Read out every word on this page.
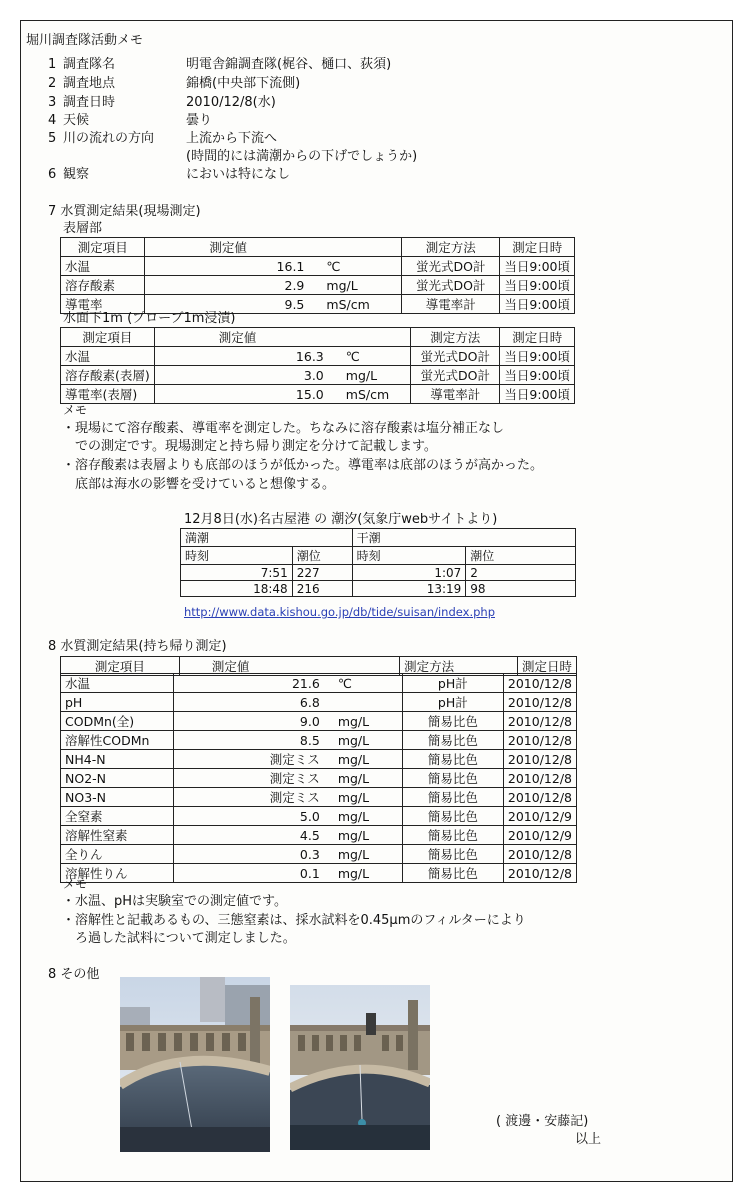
堀川調査隊活動メモ
1 調査隊名	明電舎錦調査隊(梶谷、樋口、荻須)
2 調査地点	錦橋(中央部下流側)
3 調査日時	2010/12/8(水)
4 天候	曇り
5 川の流れの方向 上流から下流へ
(時間的には満潮からの下げでしょうか)
6 観察	においは特になし
7 水質測定結果(現場測定)
表層部
測定項目	測定値	測定方法	測定日時
水温	16.1 ℃	蛍光式DO計	当日9:00頃
溶存酸素	2.9 mg/L	蛍光式DO計	当日9:00頃
導電率	9.5 mS/cm	導電率計	当日9:00頃
水面下1m (プローブ1m浸漬)
測定項目	測定値	測定方法	測定日時
水温	16.3 ℃	蛍光式DO計	当日9:00頃
溶存酸素(表層)	3.0 mg/L	蛍光式DO計	当日9:00頃
導電率(表層)	15.0 mS/cm	導電率計	当日9:00頃
メモ
・現場にて溶存酸素、導電率を測定した。ちなみに溶存酸素は塩分補正なし
　での測定です。現場測定と持ち帰り測定を分けて記載します。
・溶存酸素は表層よりも底部のほうが低かった。導電率は底部のほうが高かった。
　底部は海水の影響を受けていると想像する。
12月8日(水)名古屋港 の 潮汐(気象庁webサイトより)
満潮		干潮	
時刻	潮位	時刻	潮位
7:51	227	1:07	2
18:48	216	13:19	98
http://www.data.kishou.go.jp/db/tide/suisan/index.php
8 水質測定結果(持ち帰り測定)
測定項目	測定値	測定方法	測定日時
水温	21.6 ℃	pH計	2010/12/8
pH	6.8	pH計	2010/12/8
CODMn(全)	9.0 mg/L	簡易比色	2010/12/8
溶解性CODMn	8.5 mg/L	簡易比色	2010/12/8
NH4-N	測定ミス mg/L	簡易比色	2010/12/8
NO2-N	測定ミス mg/L	簡易比色	2010/12/8
NO3-N	測定ミス mg/L	簡易比色	2010/12/8
全窒素	5.0 mg/L	簡易比色	2010/12/9
溶解性窒素	4.5 mg/L	簡易比色	2010/12/9
全りん	0.3 mg/L	簡易比色	2010/12/8
溶解性りん	0.1 mg/L	簡易比色	2010/12/8
メモ
・水温、pHは実験室での測定値です。
・溶解性と記載あるもの、三態窒素は、採水試料を0.45μmのフィルターにより
　ろ過した試料について測定しました。
8 その他
( 渡邊・安藤記)
以上
